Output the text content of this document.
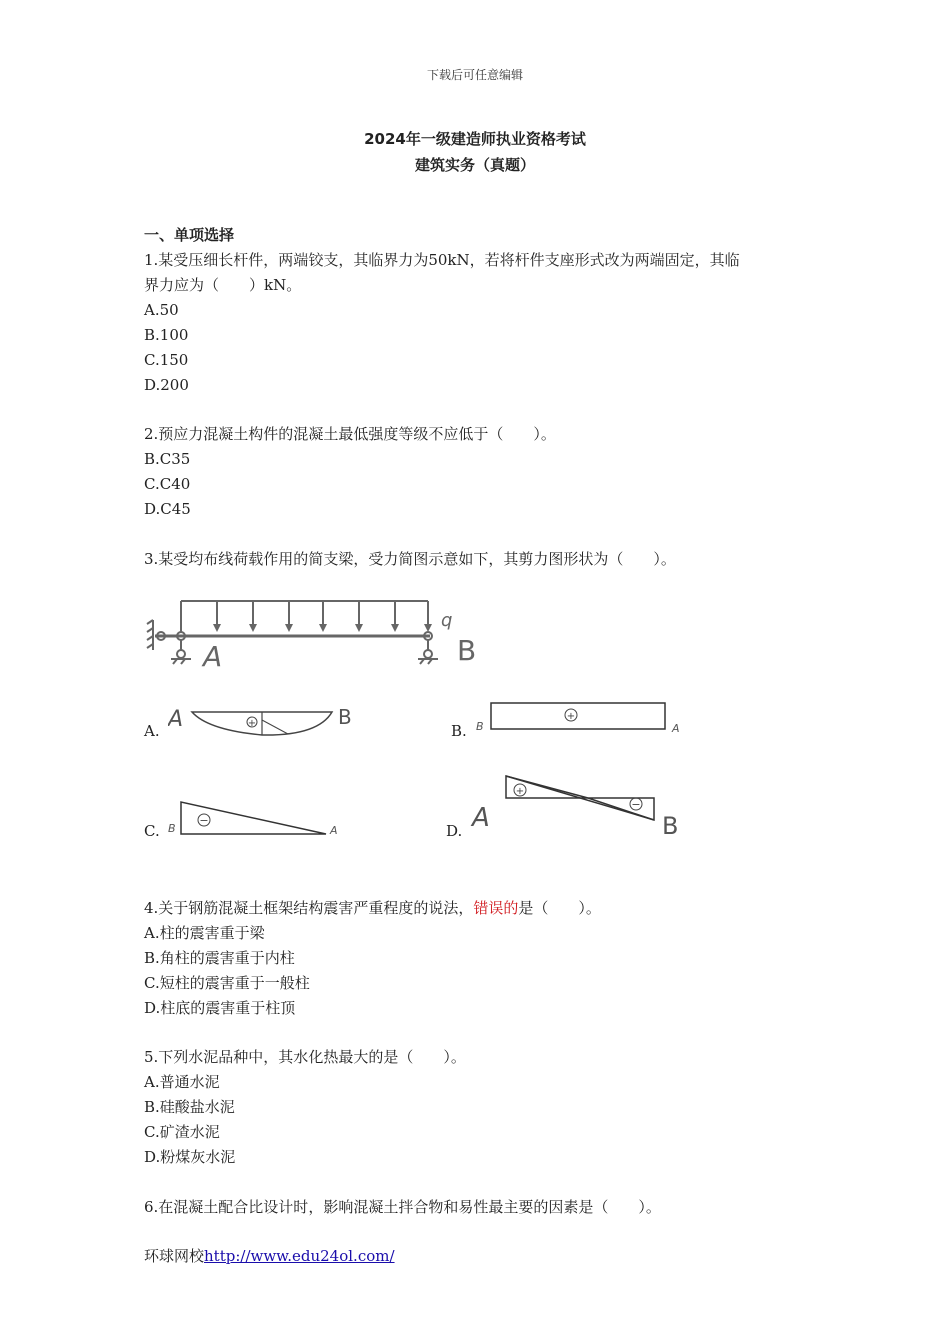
下载后可任意编辑
2024年一级建造师执业资格考试
建筑实务（真题）
一、单项选择
1.某受压细长杆件，两端铰支，其临界力为50kN，若将杆件支座形式改为两端固定，其临
界力应为（　　）kN。
A.50
B.100
C.150
D.200
2.预应力混凝土构件的混凝土最低强度等级不应低于（　　）。
B.C35
C.C40
D.C45
3.某受均布线荷载作用的简支梁，受力简图示意如下，其剪力图形状为（　　）。
q
A	B
A. A	+	B
B. B
+
A
C. B
−
A	D. A
+
−
B
4.关于钢筋混凝土框架结构震害严重程度的说法，错误的是（　　）。
A.柱的震害重于梁
B.角柱的震害重于内柱
C.短柱的震害重于一般柱
D.柱底的震害重于柱顶
5.下列水泥品种中，其水化热最大的是（　　）。
A.普通水泥
B.硅酸盐水泥
C.矿渣水泥
D.粉煤灰水泥
6.在混凝土配合比设计时，影响混凝土拌合物和易性最主要的因素是（　　）。
环球网校http://www.edu24ol.com/
